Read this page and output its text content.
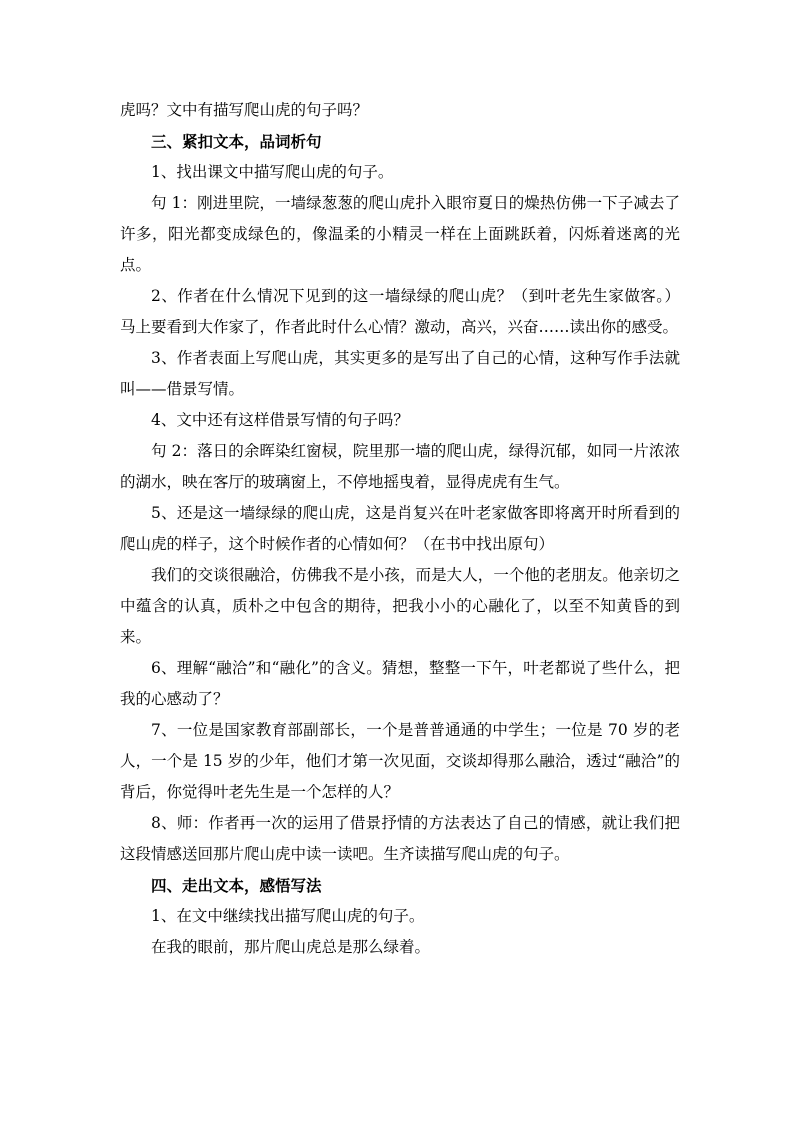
虎吗？文中有描写爬山虎的句子吗？

三、紧扣文本，品词析句

1、找出课文中描写爬山虎的句子。

句 1：刚进里院，一墙绿葱葱的爬山虎扑入眼帘夏日的燥热仿佛一下子减去了许多，阳光都变成绿色的，像温柔的小精灵一样在上面跳跃着，闪烁着迷离的光点。

2、作者在什么情况下见到的这一墙绿绿的爬山虎？（到叶老先生家做客。）马上要看到大作家了，作者此时什么心情？激动，高兴，兴奋……读出你的感受。

3、作者表面上写爬山虎，其实更多的是写出了自己的心情，这种写作手法就叫——借景写情。

4、文中还有这样借景写情的句子吗？

句 2：落日的余晖染红窗棂，院里那一墙的爬山虎，绿得沉郁，如同一片浓浓的湖水，映在客厅的玻璃窗上，不停地摇曳着，显得虎虎有生气。

5、还是这一墙绿绿的爬山虎，这是肖复兴在叶老家做客即将离开时所看到的爬山虎的样子，这个时候作者的心情如何？（在书中找出原句）

我们的交谈很融洽，仿佛我不是小孩，而是大人，一个他的老朋友。他亲切之中蕴含的认真，质朴之中包含的期待，把我小小的心融化了，以至不知黄昏的到来。

6、理解“融洽”和“融化”的含义。猜想，整整一下午，叶老都说了些什么，把我的心感动了？

7、一位是国家教育部副部长，一个是普普通通的中学生；一位是 70 岁的老人，一个是 15 岁的少年，他们才第一次见面，交谈却得那么融洽，透过“融洽”的背后，你觉得叶老先生是一个怎样的人？

8、师：作者再一次的运用了借景抒情的方法表达了自己的情感，就让我们把这段情感送回那片爬山虎中读一读吧。生齐读描写爬山虎的句子。

四、走出文本，感悟写法

1、在文中继续找出描写爬山虎的句子。

在我的眼前，那片爬山虎总是那么绿着。
